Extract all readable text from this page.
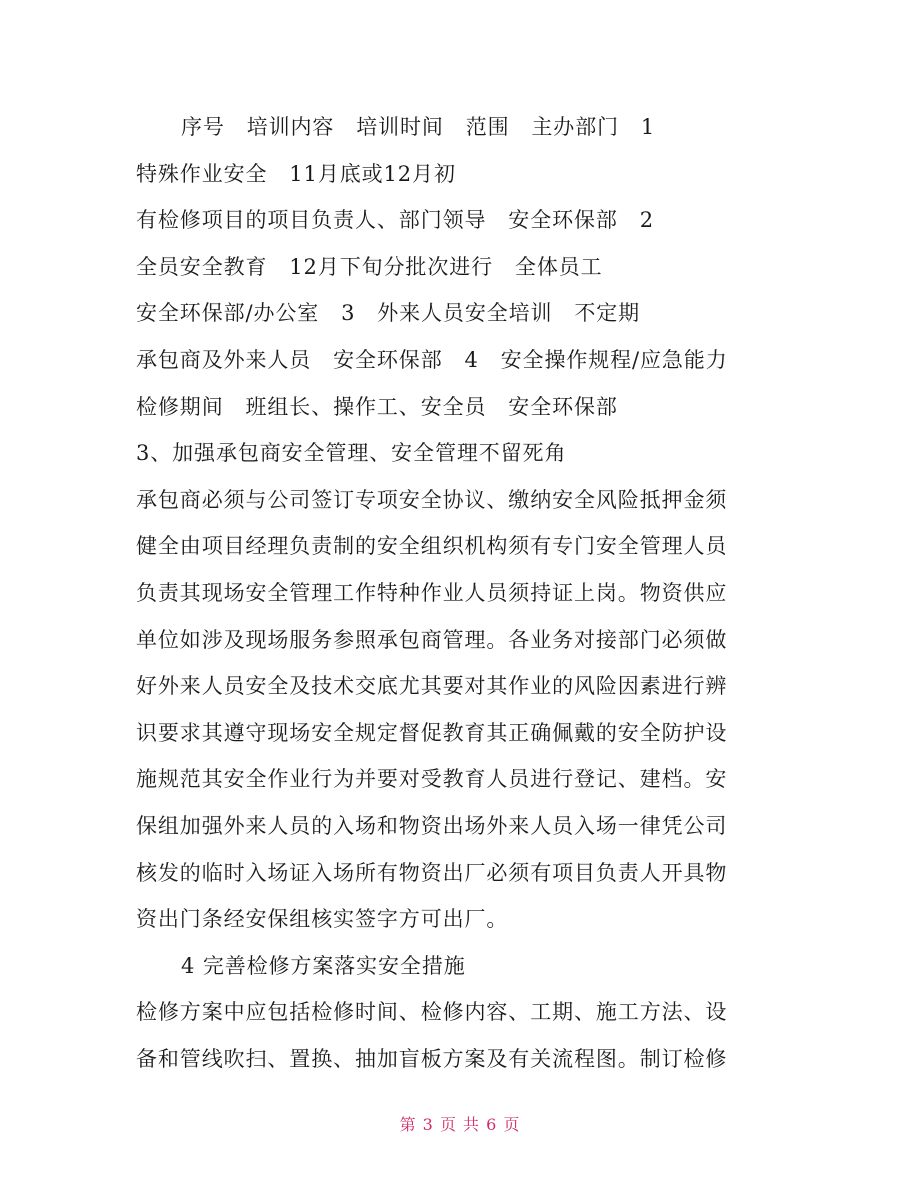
序号　培训内容　培训时间　范围　主办部门　1
特殊作业安全　11月底或12月初
有检修项目的项目负责人、部门领导　安全环保部　2
全员安全教育　12月下旬分批次进行　全体员工
安全环保部/办公室　3　外来人员安全培训　不定期
承包商及外来人员　安全环保部　4　安全操作规程/应急能力
检修期间　班组长、操作工、安全员　安全环保部
3、加强承包商安全管理、安全管理不留死角
承包商必须与公司签订专项安全协议、缴纳安全风险抵押金须
健全由项目经理负责制的安全组织机构须有专门安全管理人员
负责其现场安全管理工作特种作业人员须持证上岗。物资供应
单位如涉及现场服务参照承包商管理。各业务对接部门必须做
好外来人员安全及技术交底尤其要对其作业的风险因素进行辨
识要求其遵守现场安全规定督促教育其正确佩戴的安全防护设
施规范其安全作业行为并要对受教育人员进行登记、建档。安
保组加强外来人员的入场和物资出场外来人员入场一律凭公司
核发的临时入场证入场所有物资出厂必须有项目负责人开具物
资出门条经安保组核实签字方可出厂。
4 完善检修方案落实安全措施
检修方案中应包括检修时间、检修内容、工期、施工方法、设
备和管线吹扫、置换、抽加盲板方案及有关流程图。制订检修
第 3 页 共 6 页
